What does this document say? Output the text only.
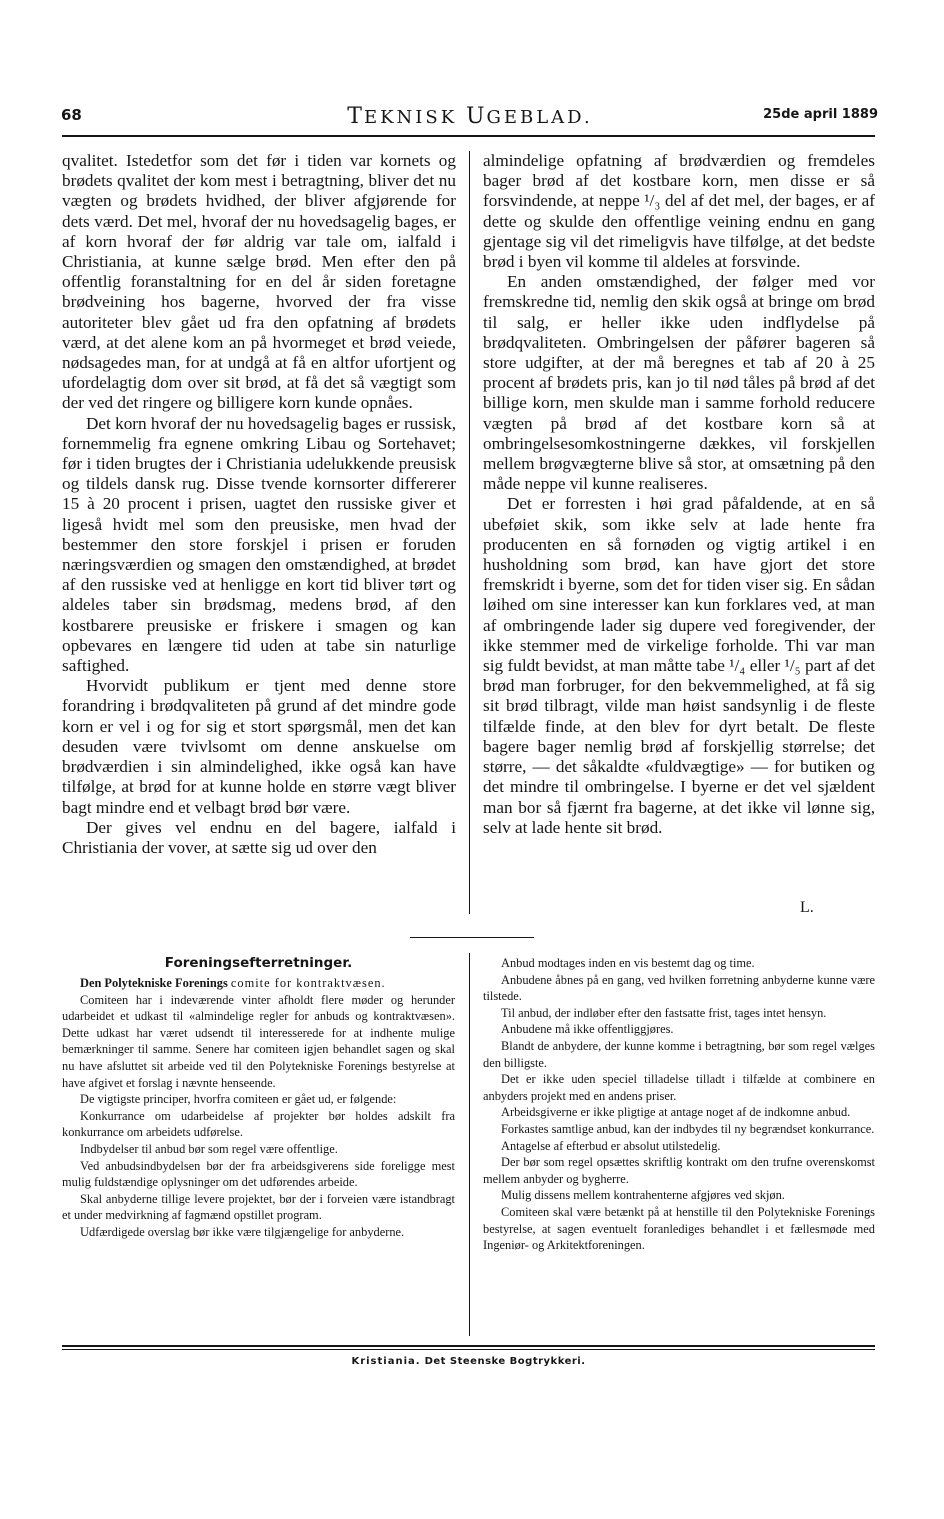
68	TEKNISK UGEBLAD.	25de april 1889

qvalitet. Istedetfor som det før i tiden var kornets og brødets qvalitet der kom mest i betragtning, bliver det nu vægten og brødets hvidhed, der bliver afgjørende for dets værd. Det mel, hvoraf der nu hovedsagelig bages, er af korn hvoraf der før aldrig var tale om, ialfald i Christiania, at kunne sælge brød. Men efter den på offentlig foranstaltning for en del år siden foretagne brødveining hos bagerne, hvorved der fra visse autoriteter blev gået ud fra den opfatning af brødets værd, at det alene kom an på hvormeget et brød veiede, nødsagedes man, for at undgå at få en altfor ufortjent og ufordelagtig dom over sit brød, at få det så vægtigt som der ved det ringere og billigere korn kunde opnåes.

Det korn hvoraf der nu hovedsagelig bages er russisk, fornemmelig fra egnene omkring Libau og Sortehavet; før i tiden brugtes der i Christiania udelukkende preusisk og tildels dansk rug. Disse tvende kornsorter differerer 15 à 20 procent i prisen, uagtet den russiske giver et ligeså hvidt mel som den preusiske, men hvad der bestemmer den store forskjel i prisen er foruden næringsværdien og smagen den omstændighed, at brødet af den russiske ved at henligge en kort tid bliver tørt og aldeles taber sin brødsmag, medens brød, af den kostbarere preusiske er friskere i smagen og kan opbevares en længere tid uden at tabe sin naturlige saftighed.

Hvorvidt publikum er tjent med denne store forandring i brødqvaliteten på grund af det mindre gode korn er vel i og for sig et stort spørgsmål, men det kan desuden være tvivlsomt om denne anskuelse om brødværdien i sin almindelighed, ikke også kan have tilfølge, at brød for at kunne holde en større vægt bliver bagt mindre end et velbagt brød bør være.

Der gives vel endnu en del bagere, ialfald i Christiania der vover, at sætte sig ud over den

almindelige opfatning af brødværdien og fremdeles bager brød af det kostbare korn, men disse er så forsvindende, at neppe ¹/₃ del af det mel, der bages, er af dette og skulde den offentlige veining endnu en gang gjentage sig vil det rimeligvis have tilfølge, at det bedste brød i byen vil komme til aldeles at forsvinde.

En anden omstændighed, der følger med vor fremskredne tid, nemlig den skik også at bringe om brød til salg, er heller ikke uden indflydelse på brødqvaliteten. Ombringelsen der påfører bageren så store udgifter, at der må beregnes et tab af 20 à 25 procent af brødets pris, kan jo til nød tåles på brød af det billige korn, men skulde man i samme forhold reducere vægten på brød af det kostbare korn så at ombringelsesomkostningerne dækkes, vil forskjellen mellem brøgvægterne blive så stor, at omsætning på den måde neppe vil kunne realiseres.

Det er forresten i høi grad påfaldende, at en så ubeføiet skik, som ikke selv at lade hente fra producenten en så fornøden og vigtig artikel i en husholdning som brød, kan have gjort det store fremskridt i byerne, som det for tiden viser sig. En sådan løihed om sine interesser kan kun forklares ved, at man af ombringende lader sig dupere ved foregivender, der ikke stemmer med de virkelige forholde. Thi var man sig fuldt bevidst, at man måtte tabe ¹/₄ eller ¹/₅ part af det brød man forbruger, for den bekvemmelighed, at få sig sit brød tilbragt, vilde man høist sandsynlig i de fleste tilfælde finde, at den blev for dyrt betalt. De fleste bagere bager nemlig brød af forskjellig størrelse; det større, — det såkaldte «fuldvægtige» — for butiken og det mindre til ombringelse. I byerne er det vel sjældent man bor så fjærnt fra bagerne, at det ikke vil lønne sig, selv at lade hente sit brød.

L.
Foreningsefterretninger.

Den Polytekniske Forenings comite for kontraktvæsen.

Comiteen har i indeværende vinter afholdt flere møder og herunder udarbeidet et udkast til «almindelige regler for anbuds og kontraktvæsen». Dette udkast har været udsendt til interesserede for at indhente mulige bemærkninger til samme. Senere har comiteen igjen behandlet sagen og skal nu have afsluttet sit arbeide ved til den Polytekniske Forenings bestyrelse at have afgivet et forslag i nævnte henseende.

De vigtigste principer, hvorfra comiteen er gået ud, er følgende:

Konkurrance om udarbeidelse af projekter bør holdes adskilt fra konkurrance om arbeidets udførelse.

Indbydelser til anbud bør som regel være offentlige.

Ved anbudsindbydelsen bør der fra arbeidsgiverens side foreligge mest mulig fuldstændige oplysninger om det udførendes arbeide.

Skal anbyderne tillige levere projektet, bør der i forveien være istandbragt et under medvirkning af fagmænd opstillet program.

Udfærdigede overslag bør ikke være tilgjængelige for anbyderne.

Anbud modtages inden en vis bestemt dag og time.

Anbudene åbnes på en gang, ved hvilken forretning anbyderne kunne være tilstede.

Til anbud, der indløber efter den fastsatte frist, tages intet hensyn.

Anbudene må ikke offentliggjøres.

Blandt de anbydere, der kunne komme i betragtning, bør som regel vælges den billigste.

Det er ikke uden speciel tilladelse tilladt i tilfælde at combinere en anbyders projekt med en andens priser.

Arbeidsgiverne er ikke pligtige at antage noget af de indkomne anbud.

Forkastes samtlige anbud, kan der indbydes til ny begrændset konkurrance.

Antagelse af efterbud er absolut utilstedelig.

Der bør som regel opsættes skriftlig kontrakt om den trufne overenskomst mellem anbyder og bygherre.

Mulig dissens mellem kontrahenterne afgjøres ved skjøn.

Comiteen skal være betænkt på at henstille til den Polytekniske Forenings bestyrelse, at sagen eventuelt foranlediges behandlet i et fællesmøde med Ingeniør- og Arkitektforeningen.

Kristiania. Det Steenske Bogtrykkeri.
